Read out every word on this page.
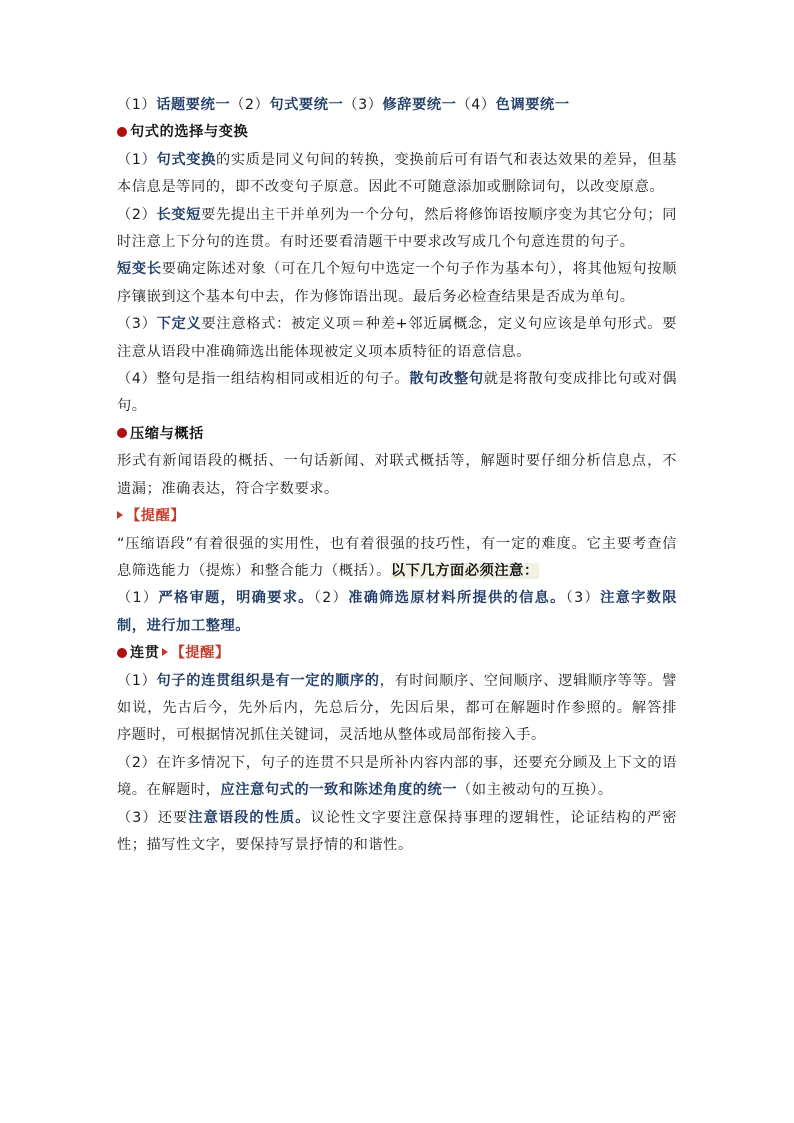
（1）话题要统一（2）句式要统一（3）修辞要统一（4）色调要统一

句式的选择与变换

（1）句式变换的实质是同义句间的转换，变换前后可有语气和表达效果的差异，但基本信息是等同的，即不改变句子原意。因此不可随意添加或删除词句，以改变原意。

（2）长变短要先提出主干并单列为一个分句，然后将修饰语按顺序变为其它分句；同时注意上下分句的连贯。有时还要看清题干中要求改写成几个句意连贯的句子。

短变长要确定陈述对象（可在几个短句中选定一个句子作为基本句），将其他短句按顺序镶嵌到这个基本句中去，作为修饰语出现。最后务必检查结果是否成为单句。

（3）下定义要注意格式：被定义项＝种差+邻近属概念，定义句应该是单句形式。要注意从语段中准确筛选出能体现被定义项本质特征的语意信息。

（4）整句是指一组结构相同或相近的句子。散句改整句就是将散句变成排比句或对偶句。

压缩与概括

形式有新闻语段的概括、一句话新闻、对联式概括等，解题时要仔细分析信息点，不遗漏；准确表达，符合字数要求。

【提醒】

“压缩语段”有着很强的实用性，也有着很强的技巧性，有一定的难度。它主要考查信息筛选能力（提炼）和整合能力（概括）。以下几方面必须注意：

（1）严格审题，明确要求。（2）准确筛选原材料所提供的信息。（3）注意字数限制，进行加工整理。

连贯 【提醒】

（1）句子的连贯组织是有一定的顺序的，有时间顺序、空间顺序、逻辑顺序等等。譬如说，先古后今，先外后内，先总后分，先因后果，都可在解题时作参照的。解答排序题时，可根据情况抓住关键词，灵活地从整体或局部衔接入手。

（2）在许多情况下，句子的连贯不只是所补内容内部的事，还要充分顾及上下文的语境。在解题时，应注意句式的一致和陈述角度的统一（如主被动句的互换）。

（3）还要注意语段的性质。议论性文字要注意保持事理的逻辑性，论证结构的严密性；描写性文字，要保持写景抒情的和谐性。
